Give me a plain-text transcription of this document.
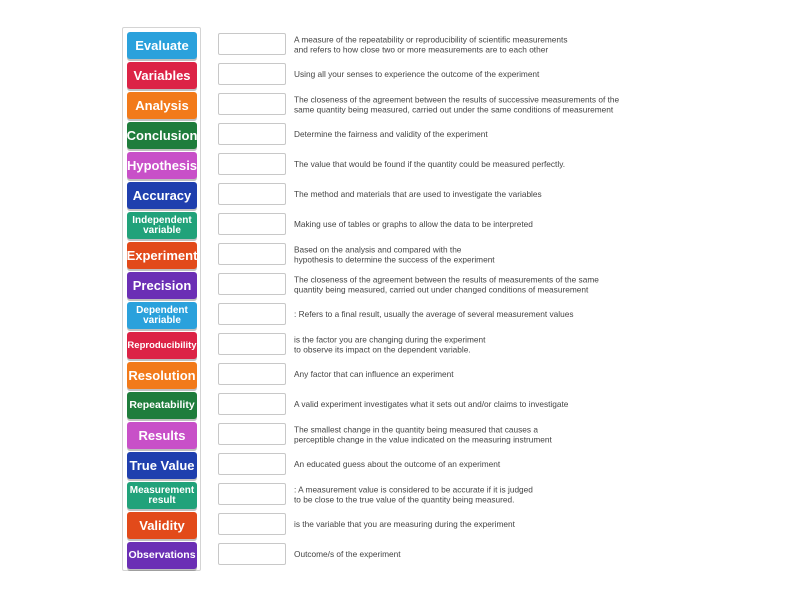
Evaluate
Variables
Analysis
Conclusion
Hypothesis
Accuracy
Independent variable
Experiment
Precision
Dependent variable
Reproducibility
Resolution
Repeatability
Results
True Value
Measurement result
Validity
Observations
A measure of the repeatability or reproducibility of scientific measurements
and refers to how close two or more measurements are to each other
Using all your senses to experience the outcome of the experiment
The closeness of the agreement between the results of successive measurements of the
same quantity being measured, carried out under the same conditions of measurement
Determine the fairness and validity of the experiment
The value that would be found if the quantity could be measured perfectly.
The method and materials that are used to investigate the variables
Making use of tables or graphs to allow the data to be interpreted
Based on the analysis and compared with the
hypothesis to determine the success of the experiment
The closeness of the agreement between the results of measurements of the same
quantity being measured, carried out under changed conditions of measurement
: Refers to a final result, usually the average of several measurement values
is the factor you are changing during the experiment
to observe its impact on the dependent variable.
Any factor that can influence an experiment
A valid experiment investigates what it sets out and/or claims to investigate
The smallest change in the quantity being measured that causes a
perceptible change in the value indicated on the measuring instrument
An educated guess about the outcome of an experiment
: A measurement value is considered to be accurate if it is judged
to be close to the true value of the quantity being measured.
is the variable that you are measuring during the experiment
Outcome/s of the experiment
